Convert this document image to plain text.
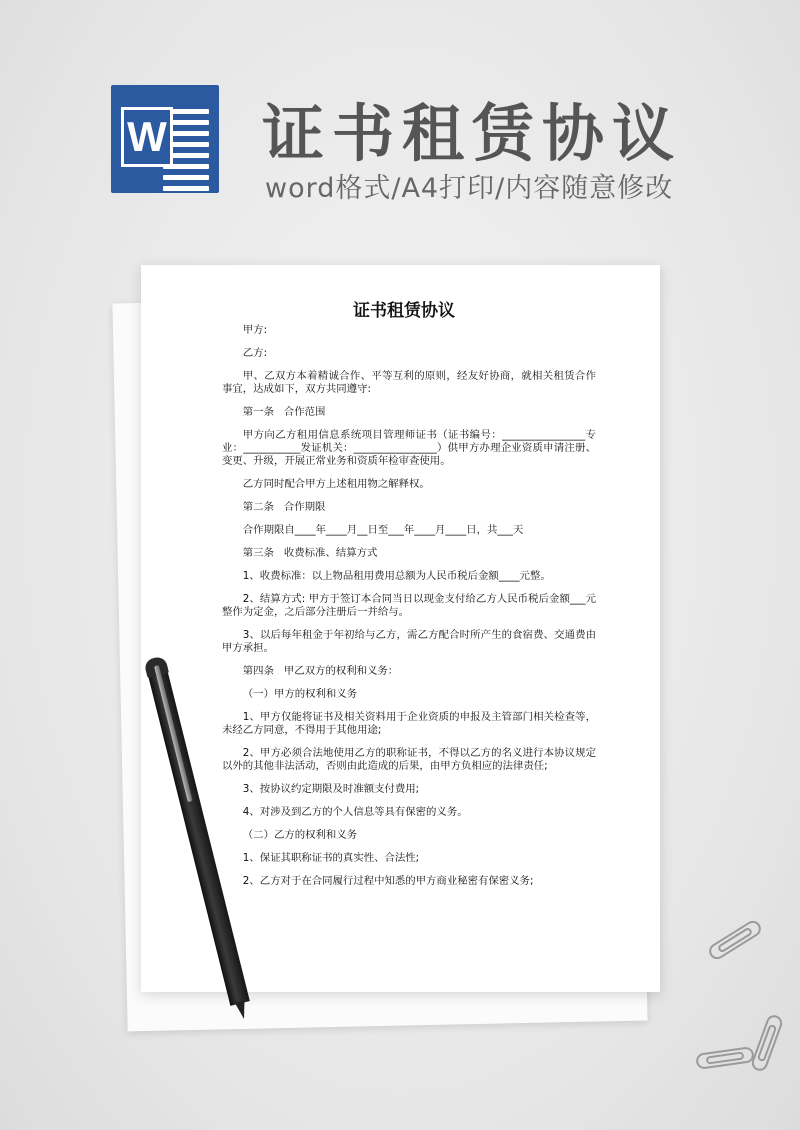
W 证书租赁协议
word格式/A4打印/内容随意修改
证书租赁协议

甲方:

乙方:

甲、乙双方本着精诚合作、平等互利的原则，经友好协商，就相关租赁合作事宜，达成如下，双方共同遵守:

第一条   合作范围

甲方向乙方租用信息系统项目管理师证书（证书编号：________________专业：___________发证机关：________________）供甲方办理企业资质申请注册、变更、升级，开展正常业务和资质年检审查使用。

乙方同时配合甲方上述租用物之解释权。

第二条   合作期限

合作期限自____年____月__日至___年____月____日，共___天

第三条   收费标准、结算方式

1、收费标准：以上物品租用费用总额为人民币税后金额____元整。

2、结算方式: 甲方于签订本合同当日以现金支付给乙方人民币税后金额___元整作为定金，之后部分注册后一并给与。

3、以后每年租金于年初给与乙方，需乙方配合时所产生的食宿费、交通费由甲方承担。

第四条   甲乙双方的权利和义务：

（一）甲方的权利和义务

1、甲方仅能将证书及相关资料用于企业资质的申报及主管部门相关检查等，未经乙方同意，不得用于其他用途;

2、甲方必须合法地使用乙方的职称证书，不得以乙方的名义进行本协议规定以外的其他非法活动，否则由此造成的后果，由甲方负相应的法律责任;

3、按协议约定期限及时准额支付费用;

4、对涉及到乙方的个人信息等具有保密的义务。

（二）乙方的权利和义务

1、保证其职称证书的真实性、合法性;

2、乙方对于在合同履行过程中知悉的甲方商业秘密有保密义务;
